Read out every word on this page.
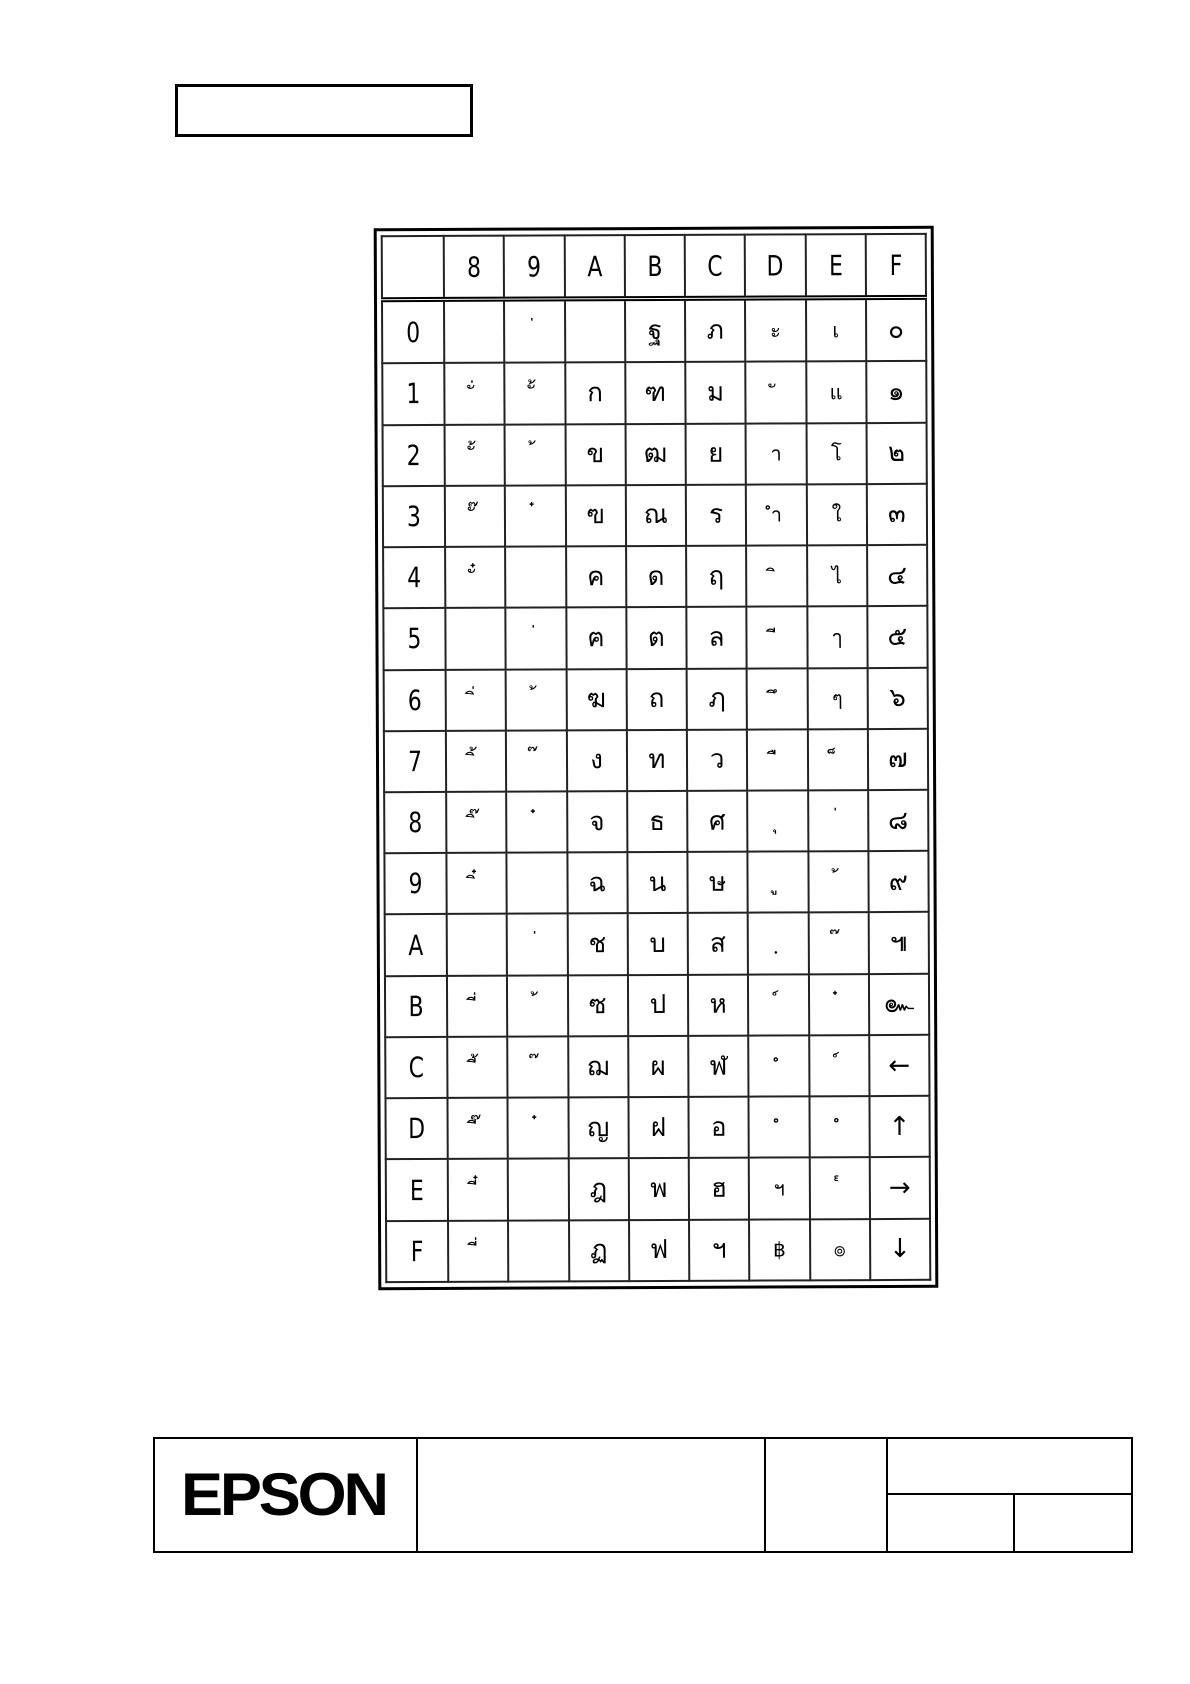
	8	9	A	B	C	D	E	F
0		่		ฐ	ภ	ะ	เ	๐
1	ั่	ั้	ก	ฑ	ม	ั	แ	๑
2	ั้	้	ข	ฒ	ย	า	โ	๒
3	ั๊	๋	ฃ	ณ	ร	ำ	ใ	๓
4	ั๋		ค	ด	ฤ	ิ	ไ	๔
5		่	ฅ	ต	ล	ี	ๅ	๕
6	ิ่	้	ฆ	ถ	ฦ	ึ	ๆ	๖
7	ิ้	๊	ง	ท	ว	ื	็	๗
8	ิ๊	๋	จ	ธ	ศ	ุ	่	๘
9	ิ๋		ฉ	น	ษ	ู	้	๙
A		่	ช	บ	ส	ฺ	๊	๚
B	ี่	้	ซ	ป	ห	์	๋	๛
C	ี้	๊	ฌ	ผ	ฬ	ํ	์	←
D	ี๊	๋	ญ	ฝ	อ	ํ	ํ	↑
E	ี๋		ฎ	พ	ฮ	ฯ	๎	→
F	ี่		ฏ	ฟ	ฯ	฿	๏	↓
EPSON
